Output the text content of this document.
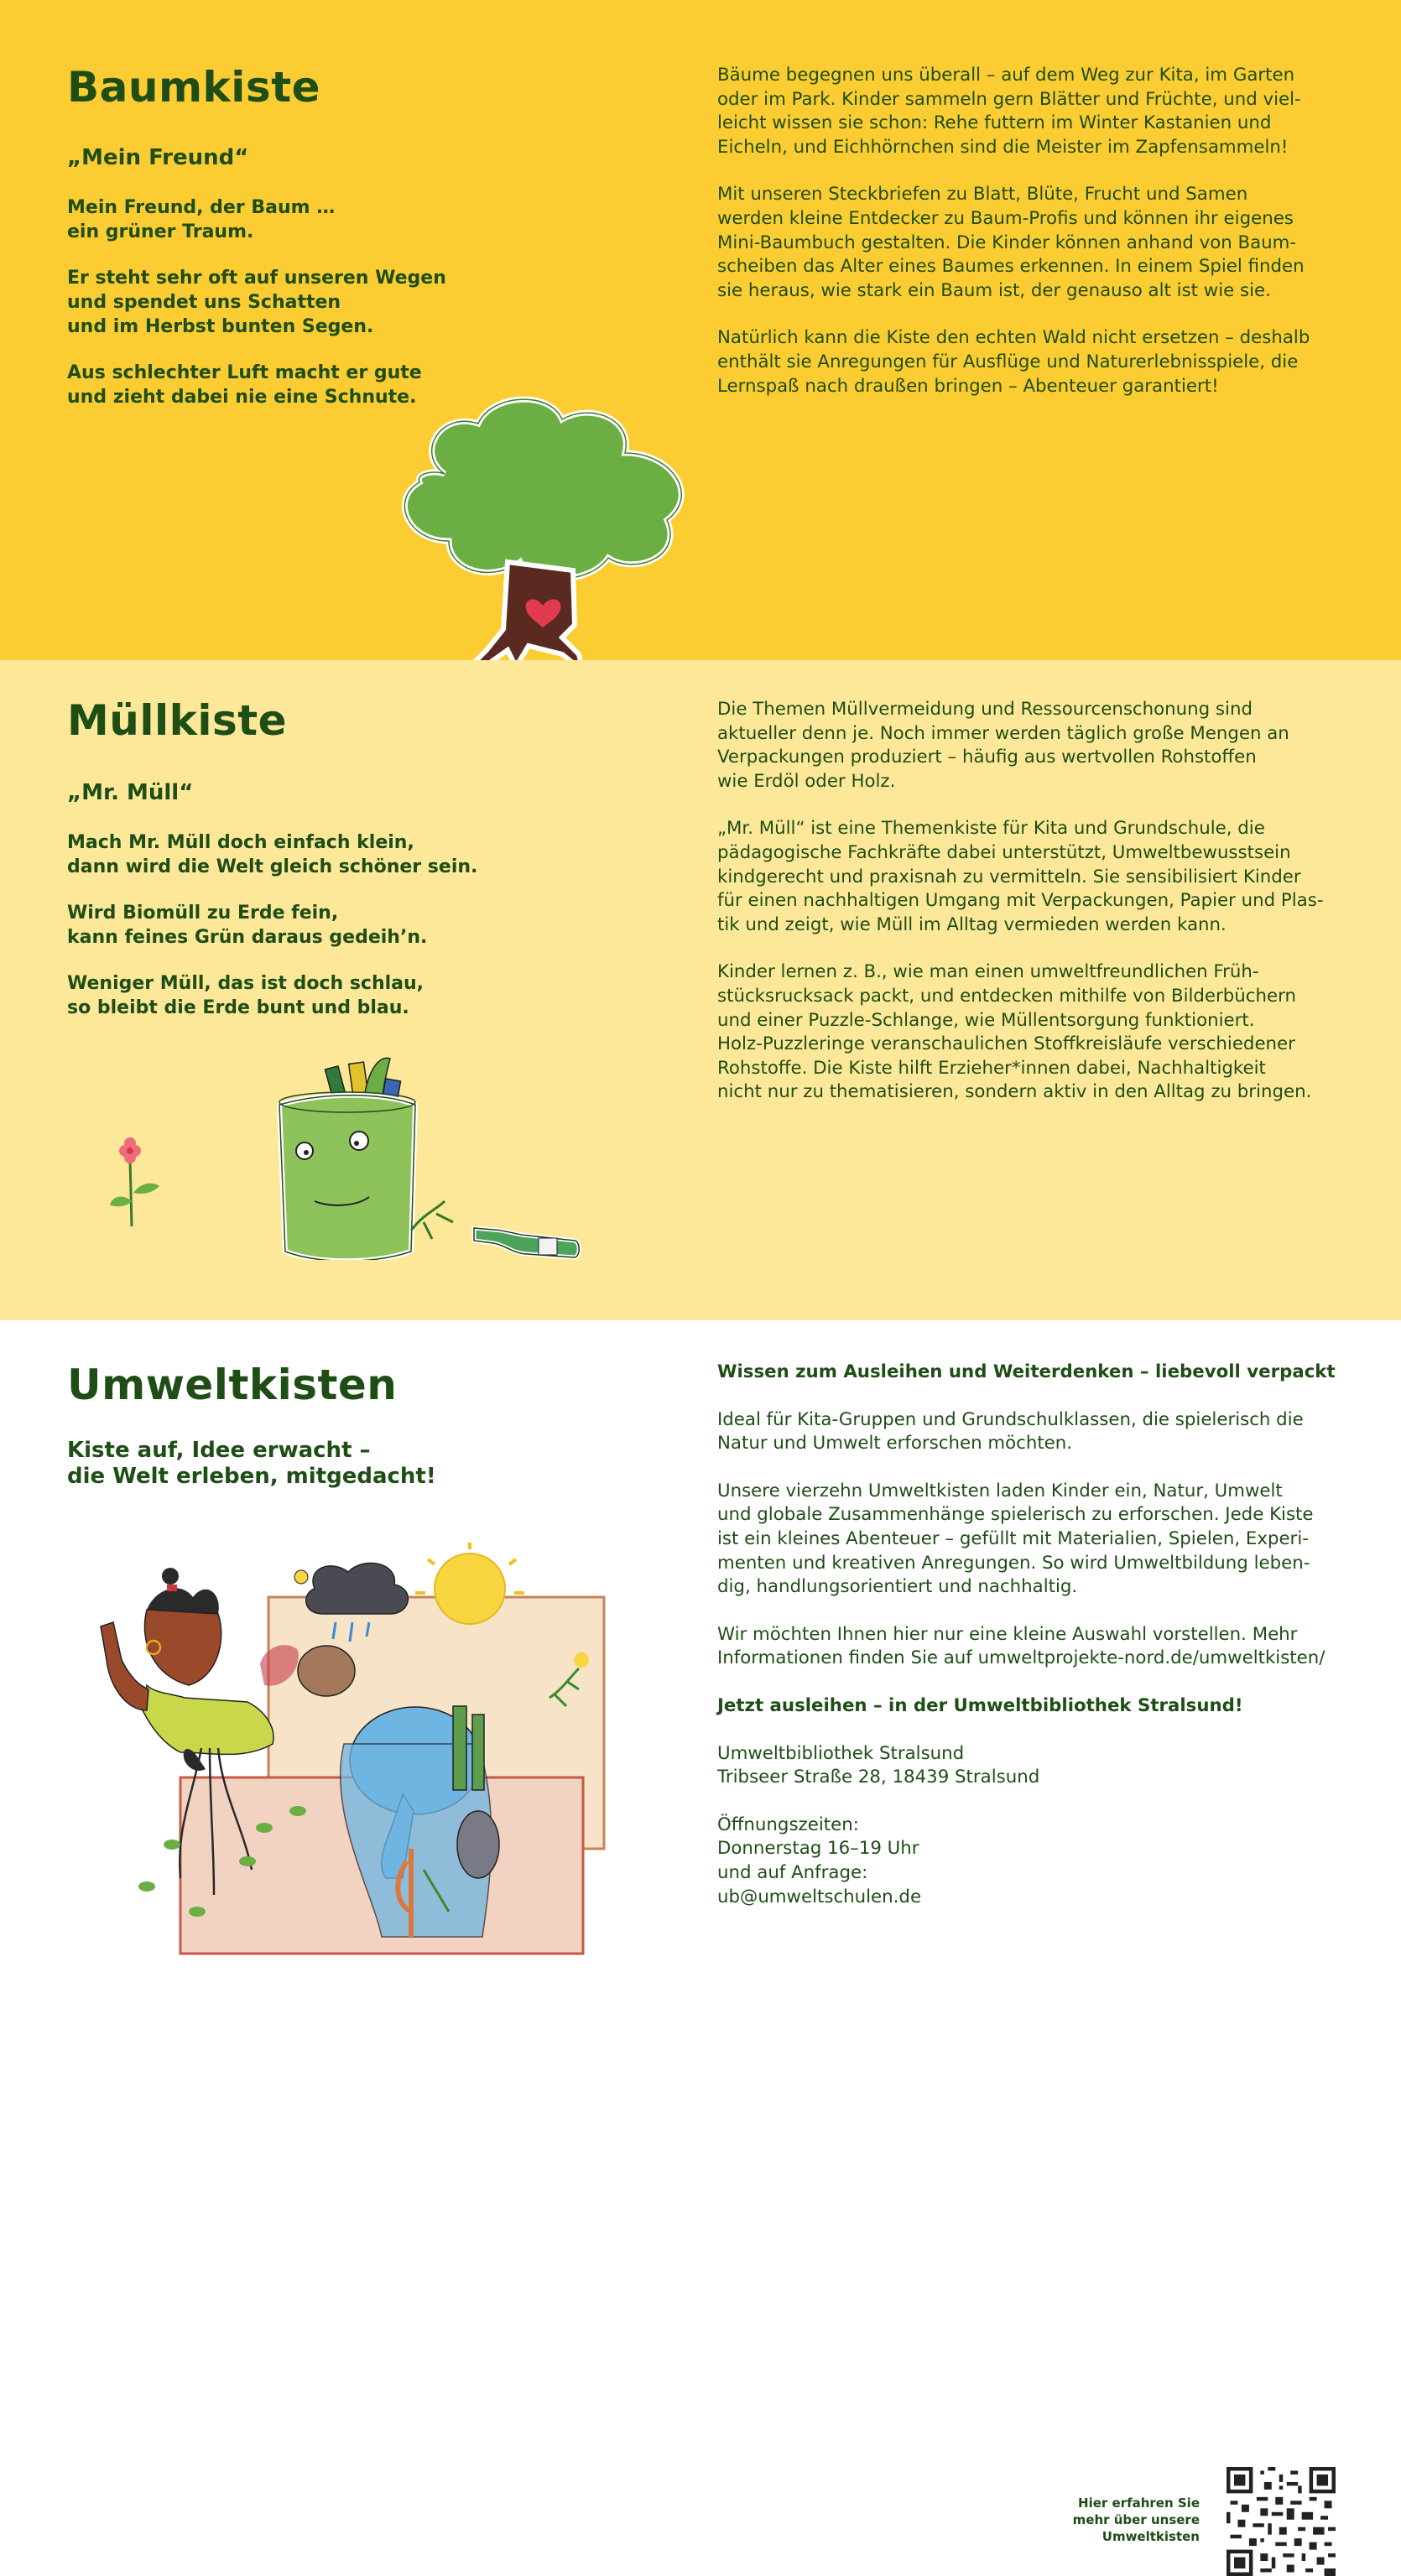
Baumkiste
„Mein Freund“

Mein Freund, der Baum …
ein grüner Traum.

Er steht sehr oft auf unseren Wegen
und spendet uns Schatten
und im Herbst bunten Segen.

Aus schlechter Luft macht er gute
und zieht dabei nie eine Schnute.

Bäume begegnen uns überall – auf dem Weg zur Kita, im Garten
oder im Park. Kinder sammeln gern Blätter und Früchte, und viel-
leicht wissen sie schon: Rehe futtern im Winter Kastanien und
Eicheln, und Eichhörnchen sind die Meister im Zapfensammeln!

Mit unseren Steckbriefen zu Blatt, Blüte, Frucht und Samen
werden kleine Entdecker zu Baum-Profis und können ihr eigenes
Mini-Baumbuch gestalten. Die Kinder können anhand von Baum-
scheiben das Alter eines Baumes erkennen. In einem Spiel finden
sie heraus, wie stark ein Baum ist, der genauso alt ist wie sie.

Natürlich kann die Kiste den echten Wald nicht ersetzen – deshalb
enthält sie Anregungen für Ausflüge und Naturerlebnisspiele, die
Lernspaß nach draußen bringen – Abenteuer garantiert!

Müllkiste
„Mr. Müll“

Mach Mr. Müll doch einfach klein,
dann wird die Welt gleich schöner sein.

Wird Biomüll zu Erde fein,
kann feines Grün daraus gedeih’n.

Weniger Müll, das ist doch schlau,
so bleibt die Erde bunt und blau.

Die Themen Müllvermeidung und Ressourcenschonung sind
aktueller denn je. Noch immer werden täglich große Mengen an
Verpackungen produziert – häufig aus wertvollen Rohstoffen
wie Erdöl oder Holz.

„Mr. Müll“ ist eine Themenkiste für Kita und Grundschule, die
pädagogische Fachkräfte dabei unterstützt, Umweltbewusstsein
kindgerecht und praxisnah zu vermitteln. Sie sensibilisiert Kinder
für einen nachhaltigen Umgang mit Verpackungen, Papier und Plas-
tik und zeigt, wie Müll im Alltag vermieden werden kann.

Kinder lernen z. B., wie man einen umweltfreundlichen Früh-
stücksrucksack packt, und entdecken mithilfe von Bilderbüchern
und einer Puzzle-Schlange, wie Müllentsorgung funktioniert.
Holz-Puzzleringe veranschaulichen Stoffkreisläufe verschiedener
Rohstoffe. Die Kiste hilft Erzieher*innen dabei, Nachhaltigkeit
nicht nur zu thematisieren, sondern aktiv in den Alltag zu bringen.

Umweltkisten
Kiste auf, Idee erwacht –
die Welt erleben, mitgedacht!

Wissen zum Ausleihen und Weiterdenken – liebevoll verpackt

Ideal für Kita-Gruppen und Grundschulklassen, die spielerisch die
Natur und Umwelt erforschen möchten.

Unsere vierzehn Umweltkisten laden Kinder ein, Natur, Umwelt
und globale Zusammenhänge spielerisch zu erforschen. Jede Kiste
ist ein kleines Abenteuer – gefüllt mit Materialien, Spielen, Experi-
menten und kreativen Anregungen. So wird Umweltbildung leben-
dig, handlungsorientiert und nachhaltig.

Wir möchten Ihnen hier nur eine kleine Auswahl vorstellen. Mehr
Informationen finden Sie auf umweltprojekte-nord.de/umweltkisten/

Jetzt ausleihen – in der Umweltbibliothek Stralsund!

Umweltbibliothek Stralsund
Tribseer Straße 28, 18439 Stralsund

Öffnungszeiten:
Donnerstag 16–19 Uhr
und auf Anfrage:
ub@umweltschulen.de

Hier erfahren Sie
mehr über unsere
Umweltkisten
